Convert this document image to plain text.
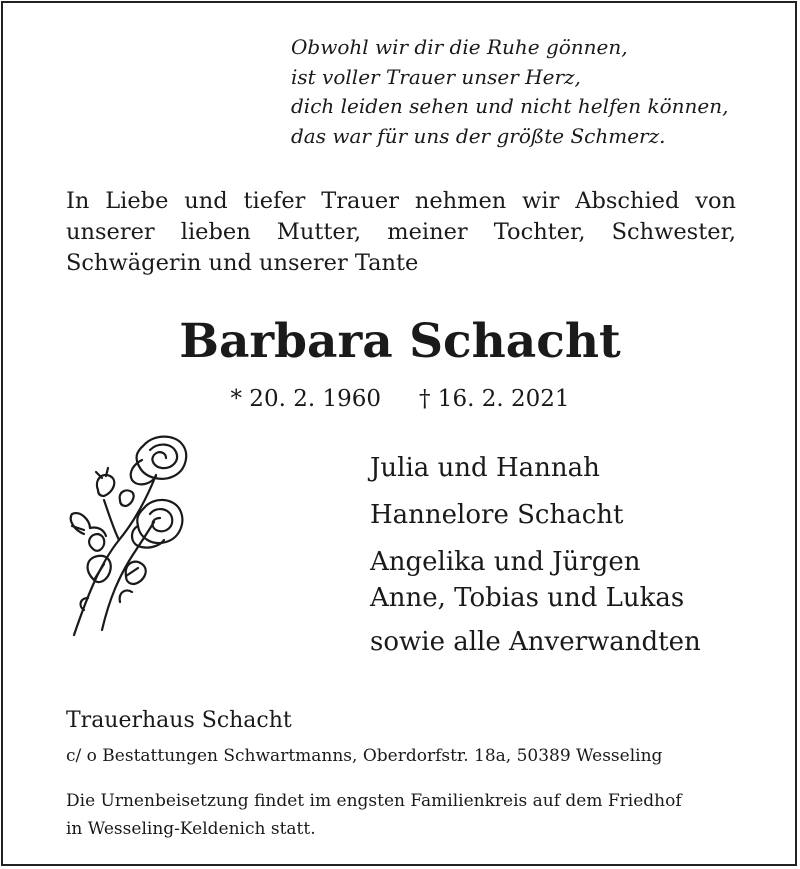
Obwohl wir dir die Ruhe gönnen,
ist voller Trauer unser Herz,
dich leiden sehen und nicht helfen können,
das war für uns der größte Schmerz.
In Liebe und tiefer Trauer nehmen wir Abschied von
unserer lieben Mutter, meiner Tochter, Schwester,
Schwägerin und unserer Tante
Barbara Schacht
* 20. 2. 1960 † 16. 2. 2021
Julia und Hannah
Hannelore Schacht
Angelika und Jürgen
Anne, Tobias und Lukas
sowie alle Anverwandten
Trauerhaus Schacht
c/ o Bestattungen Schwartmanns, Oberdorfstr. 18a, 50389 Wesseling
Die Urnenbeisetzung findet im engsten Familienkreis auf dem Friedhof
in Wesseling-Keldenich statt.
